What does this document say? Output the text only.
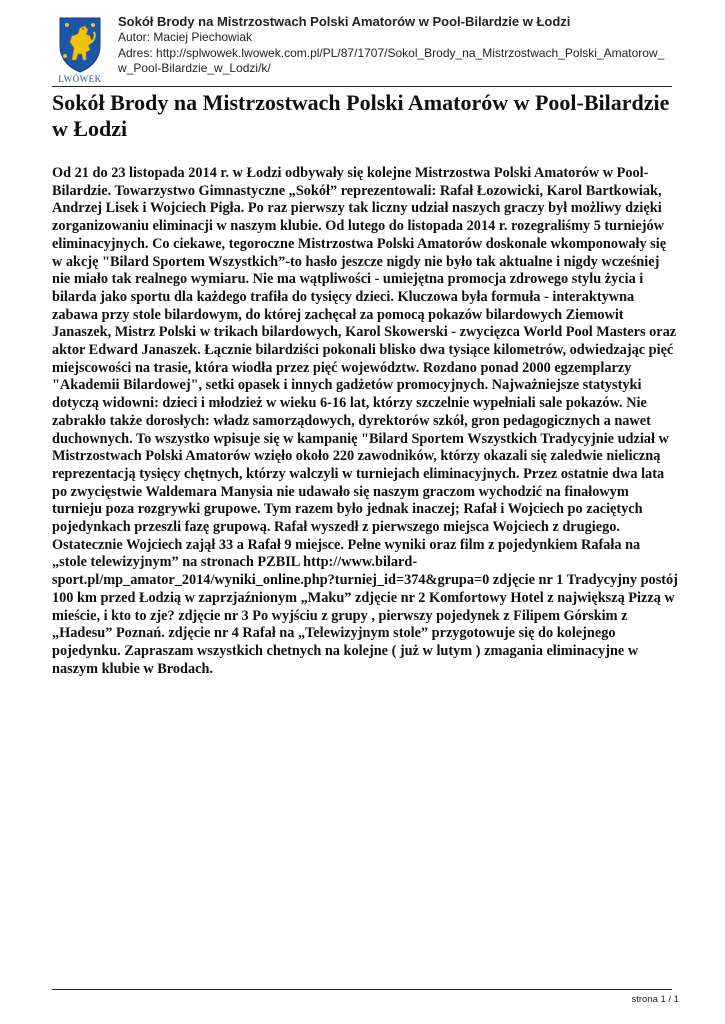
LWÓWEK
Sokół Brody na Mistrzostwach Polski Amatorów w Pool-Bilardzie w Łodzi
Autor: Maciej Piechowiak
Adres: http://splwowek.lwowek.com.pl/PL/87/1707/Sokol_Brody_na_Mistrzostwach_Polski_Amatorow_
w_Pool-Bilardzie_w_Lodzi/k/
Sokół Brody na Mistrzostwach Polski Amatorów w Pool-Bilardzie w Łodzi

Od 21 do 23 listopada 2014 r. w Łodzi odbywały się kolejne Mistrzostwa Polski Amatorów w Pool-Bilardzie. Towarzystwo Gimnastyczne „Sokół” reprezentowali: Rafał Łozowicki, Karol Bartkowiak, Andrzej Lisek i Wojciech Pigła. Po raz pierwszy tak liczny udział naszych graczy był możliwy dzięki zorganizowaniu eliminacji w naszym klubie. Od lutego do listopada 2014 r. rozegraliśmy 5 turniejów eliminacyjnych. Co ciekawe, tegoroczne Mistrzostwa Polski Amatorów doskonale wkomponowały się w akcję "Bilard Sportem Wszystkich”-to hasło jeszcze nigdy nie było tak aktualne i nigdy wcześniej nie miało tak realnego wymiaru. Nie ma wątpliwości - umiejętna promocja zdrowego stylu życia i bilarda jako sportu dla każdego trafiła do tysięcy dzieci. Kluczowa była formuła - interaktywna zabawa przy stole bilardowym, do której zachęcał za pomocą pokazów bilardowych Ziemowit Janaszek, Mistrz Polski w trikach bilardowych, Karol Skowerski - zwycięzca World Pool Masters oraz aktor Edward Janaszek. Łącznie bilardziści pokonali blisko dwa tysiące kilometrów, odwiedzając pięć miejscowości na trasie, która wiodła przez pięć województw. Rozdano ponad 2000 egzemplarzy "Akademii Bilardowej", setki opasek i innych gadżetów promocyjnych. Najważniejsze statystyki dotyczą widowni: dzieci i młodzież w wieku 6-16 lat, którzy szczelnie wypełniali sale pokazów. Nie zabrakło także dorosłych: władz samorządowych, dyrektorów szkół, gron pedagogicznych a nawet duchownych. To wszystko wpisuje się w kampanię "Bilard Sportem Wszystkich Tradycyjnie udział w Mistrzostwach Polski Amatorów wzięło około 220 zawodników, którzy okazali się zaledwie nieliczną reprezentacją tysięcy chętnych, którzy walczyli w turniejach eliminacyjnych. Przez ostatnie dwa lata po zwycięstwie Waldemara Manysia nie udawało się naszym graczom wychodzić na finałowym turnieju poza rozgrywki grupowe. Tym razem było jednak inaczej; Rafał i Wojciech po zaciętych pojedynkach przeszli fazę grupową. Rafał wyszedł z pierwszego miejsca Wojciech z drugiego. Ostatecznie Wojciech zajął 33 a Rafał 9 miejsce. Pełne wyniki oraz film z pojedynkiem Rafała na „stole telewizyjnym” na stronach PZBIL http://www.bilard-sport.pl/mp_amator_2014/wyniki_online.php?turniej_id=374&grupa=0 zdjęcie nr 1 Tradycyjny postój 100 km przed Łodzią w zaprzjaźnionym „Maku” zdjęcie nr 2 Komfortowy Hotel z największą Pizzą w mieście, i kto to zje? zdjęcie nr 3 Po wyjściu z grupy , pierwszy pojedynek z Filipem Górskim z „Hadesu” Poznań. zdjęcie nr 4 Rafał na „Telewizyjnym stole” przygotowuje się do kolejnego pojedynku. Zapraszam wszystkich chetnych na kolejne ( już w lutym ) zmagania eliminacyjne w naszym klubie w Brodach.

strona 1 / 1
